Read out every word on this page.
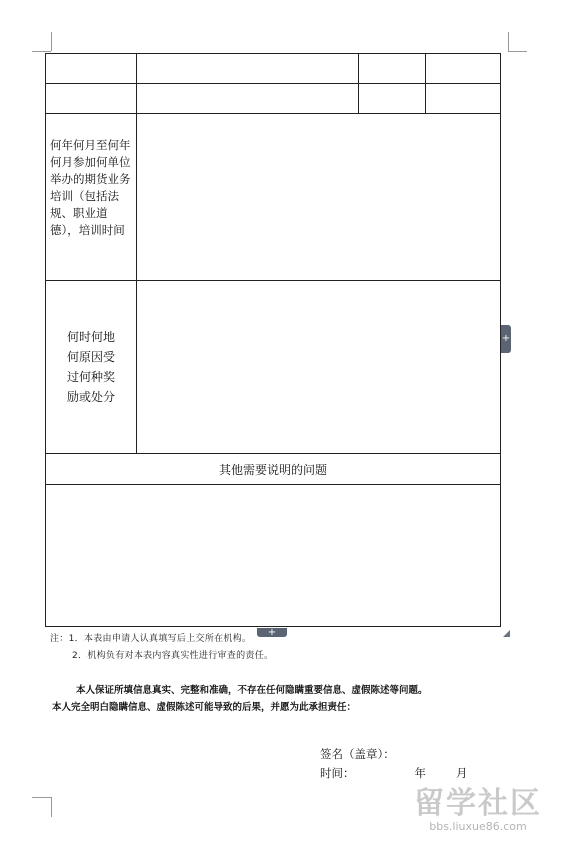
何年何月至何年何月参加何单位举办的期货业务培训（包括法规、职业道德），培训时间			

何时何地
何原因受
过何种奖
励或处分			

其他需要说明的问题			

+
+
注：1．本表由申请人认真填写后上交所在机构。
2．机构负有对本表内容真实性进行审查的责任。
本人保证所填信息真实、完整和准确，不存在任何隐瞒重要信息、虚假陈述等问题。
本人完全明白隐瞒信息、虚假陈述可能导致的后果，并愿为此承担责任：
签名（盖章）：
时间：	年	月
留学社区
bbs.liuxue86.com
